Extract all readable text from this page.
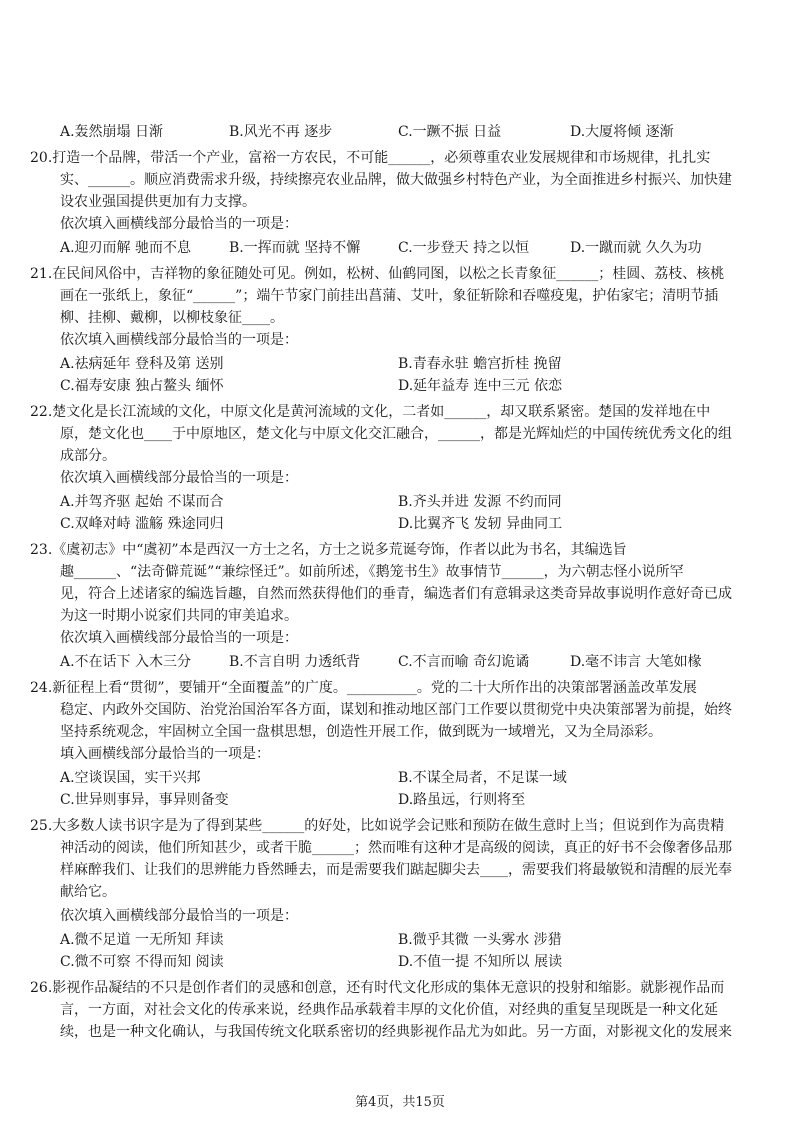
A.轰然崩塌 日渐	B.风光不再 逐步	C.一蹶不振 日益	D.大厦将倾 逐渐
20.打造一个品牌，带活一个产业，富裕一方农民，不可能______，必须尊重农业发展规律和市场规律，扎扎实
实、______。顺应消费需求升级，持续擦亮农业品牌，做大做强乡村特色产业，为全面推进乡村振兴、加快建
设农业强国提供更加有力支撑。
依次填入画横线部分最恰当的一项是：
A.迎刃而解 驰而不息	B.一挥而就 坚持不懈	C.一步登天 持之以恒	D.一蹴而就 久久为功
21.在民间风俗中，吉祥物的象征随处可见。例如，松树、仙鹤同图，以松之长青象征______；桂圆、荔枝、核桃
画在一张纸上，象征“______”；端午节家门前挂出菖蒲、艾叶，象征斩除和吞噬疫鬼，护佑家宅；清明节插
柳、挂柳、戴柳，以柳枝象征____。
依次填入画横线部分最恰当的一项是：
A.祛病延年 登科及第 送别	B.青春永驻 蟾宫折桂 挽留
C.福寿安康 独占鳌头 缅怀	D.延年益寿 连中三元 依恋
22.楚文化是长江流域的文化，中原文化是黄河流域的文化，二者如______，却又联系紧密。楚国的发祥地在中
原，楚文化也____于中原地区，楚文化与中原文化交汇融合，______，都是光辉灿烂的中国传统优秀文化的组
成部分。
依次填入画横线部分最恰当的一项是：
A.并驾齐驱 起始 不谋而合	B.齐头并进 发源 不约而同
C.双峰对峙 滥觞 殊途同归	D.比翼齐飞 发轫 异曲同工
23.《虞初志》中“虞初”本是西汉一方士之名，方士之说多荒诞夸饰，作者以此为书名，其编选旨
趣______、“法奇僻荒诞”“兼综怪迁”。如前所述，《鹅笼书生》故事情节______，为六朝志怪小说所罕
见，符合上述诸家的编选旨趣，自然而然获得他们的垂青，编选者们有意辑录这类奇异故事说明作意好奇已成
为这一时期小说家们共同的审美追求。
依次填入画横线部分最恰当的一项是：
A.不在话下 入木三分	B.不言自明 力透纸背	C.不言而喻 奇幻诡谲	D.毫不讳言 大笔如椽
24.新征程上看“贯彻”，要铺开“全面覆盖”的广度。__________。党的二十大所作出的决策部署涵盖改革发展
稳定、内政外交国防、治党治国治军各方面，谋划和推动地区部门工作要以贯彻党中央决策部署为前提，始终
坚持系统观念，牢固树立全国一盘棋思想，创造性开展工作，做到既为一域增光，又为全局添彩。
填入画横线部分最恰当的一项是：
A.空谈误国，实干兴邦	B.不谋全局者，不足谋一域
C.世异则事异，事异则备变	D.路虽远，行则将至
25.大多数人读书识字是为了得到某些______的好处，比如说学会记账和预防在做生意时上当；但说到作为高贵精
神活动的阅读，他们所知甚少，或者干脆______；然而唯有这种才是高级的阅读，真正的好书不会像奢侈品那
样麻醉我们、让我们的思辨能力昏然睡去，而是需要我们踮起脚尖去____，需要我们将最敏锐和清醒的辰光奉
献给它。
依次填入画横线部分最恰当的一项是：
A.微不足道 一无所知 拜读	B.微乎其微 一头雾水 涉猎
C.微不可察 不得而知 阅读	D.不值一提 不知所以 展读
26.影视作品凝结的不只是创作者们的灵感和创意，还有时代文化形成的集体无意识的投射和缩影。就影视作品而
言，一方面，对社会文化的传承来说，经典作品承载着丰厚的文化价值，对经典的重复呈现既是一种文化延
续，也是一种文化确认，与我国传统文化联系密切的经典影视作品尤为如此。另一方面，对影视文化的发展来
第4页，共15页
